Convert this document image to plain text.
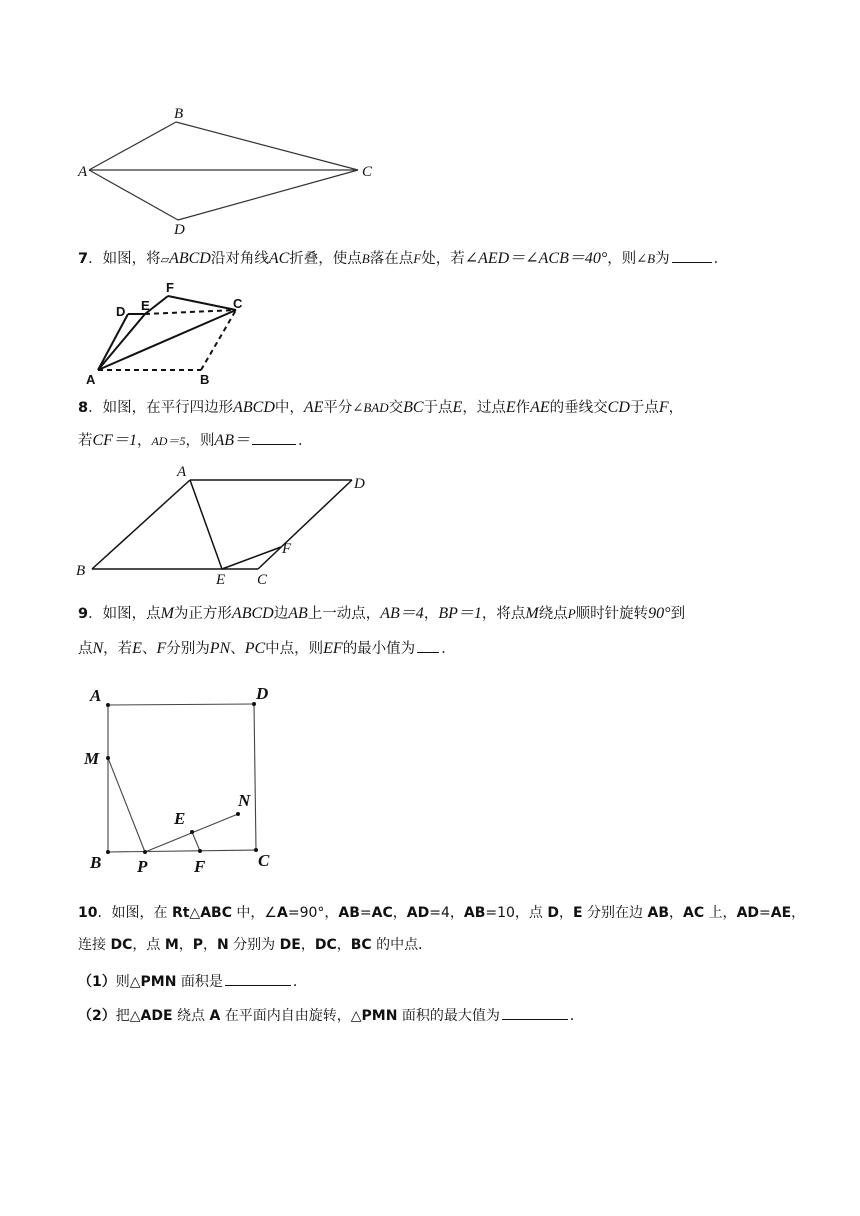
A
B
C
D
7．如图，将▱ABCD沿对角线AC折叠，使点B落在点F处，若∠AED＝∠ACB＝40°，则∠B为	．
A	B
C
D E
F
8．如图，在平行四边形ABCD中，AE平分∠BAD交BC于点E，过点E作AE的垂线交CD于点F，
若CF＝1，AD＝5，则AB＝	．
B
A
D
E C
F
9．如图，点M为正方形ABCD边AB上一动点，AB＝4，BP＝1，将点M绕点P顺时针旋转90°到
点N，若E、F分别为PN、PC中点，则EF的最小值为 ．
A	D
M
E
N
B P	F	C
10．如图，在 Rt△ABC 中，∠A=90°，AB=AC，AD=4，AB=10，点 D，E 分别在边 AB，AC 上，AD=AE，
连接 DC，点 M，P，N 分别为 DE，DC，BC 的中点．
（1）则△PMN 面积是	．
（2）把△ADE 绕点 A 在平面内自由旋转，△PMN 面积的最大值为	．
